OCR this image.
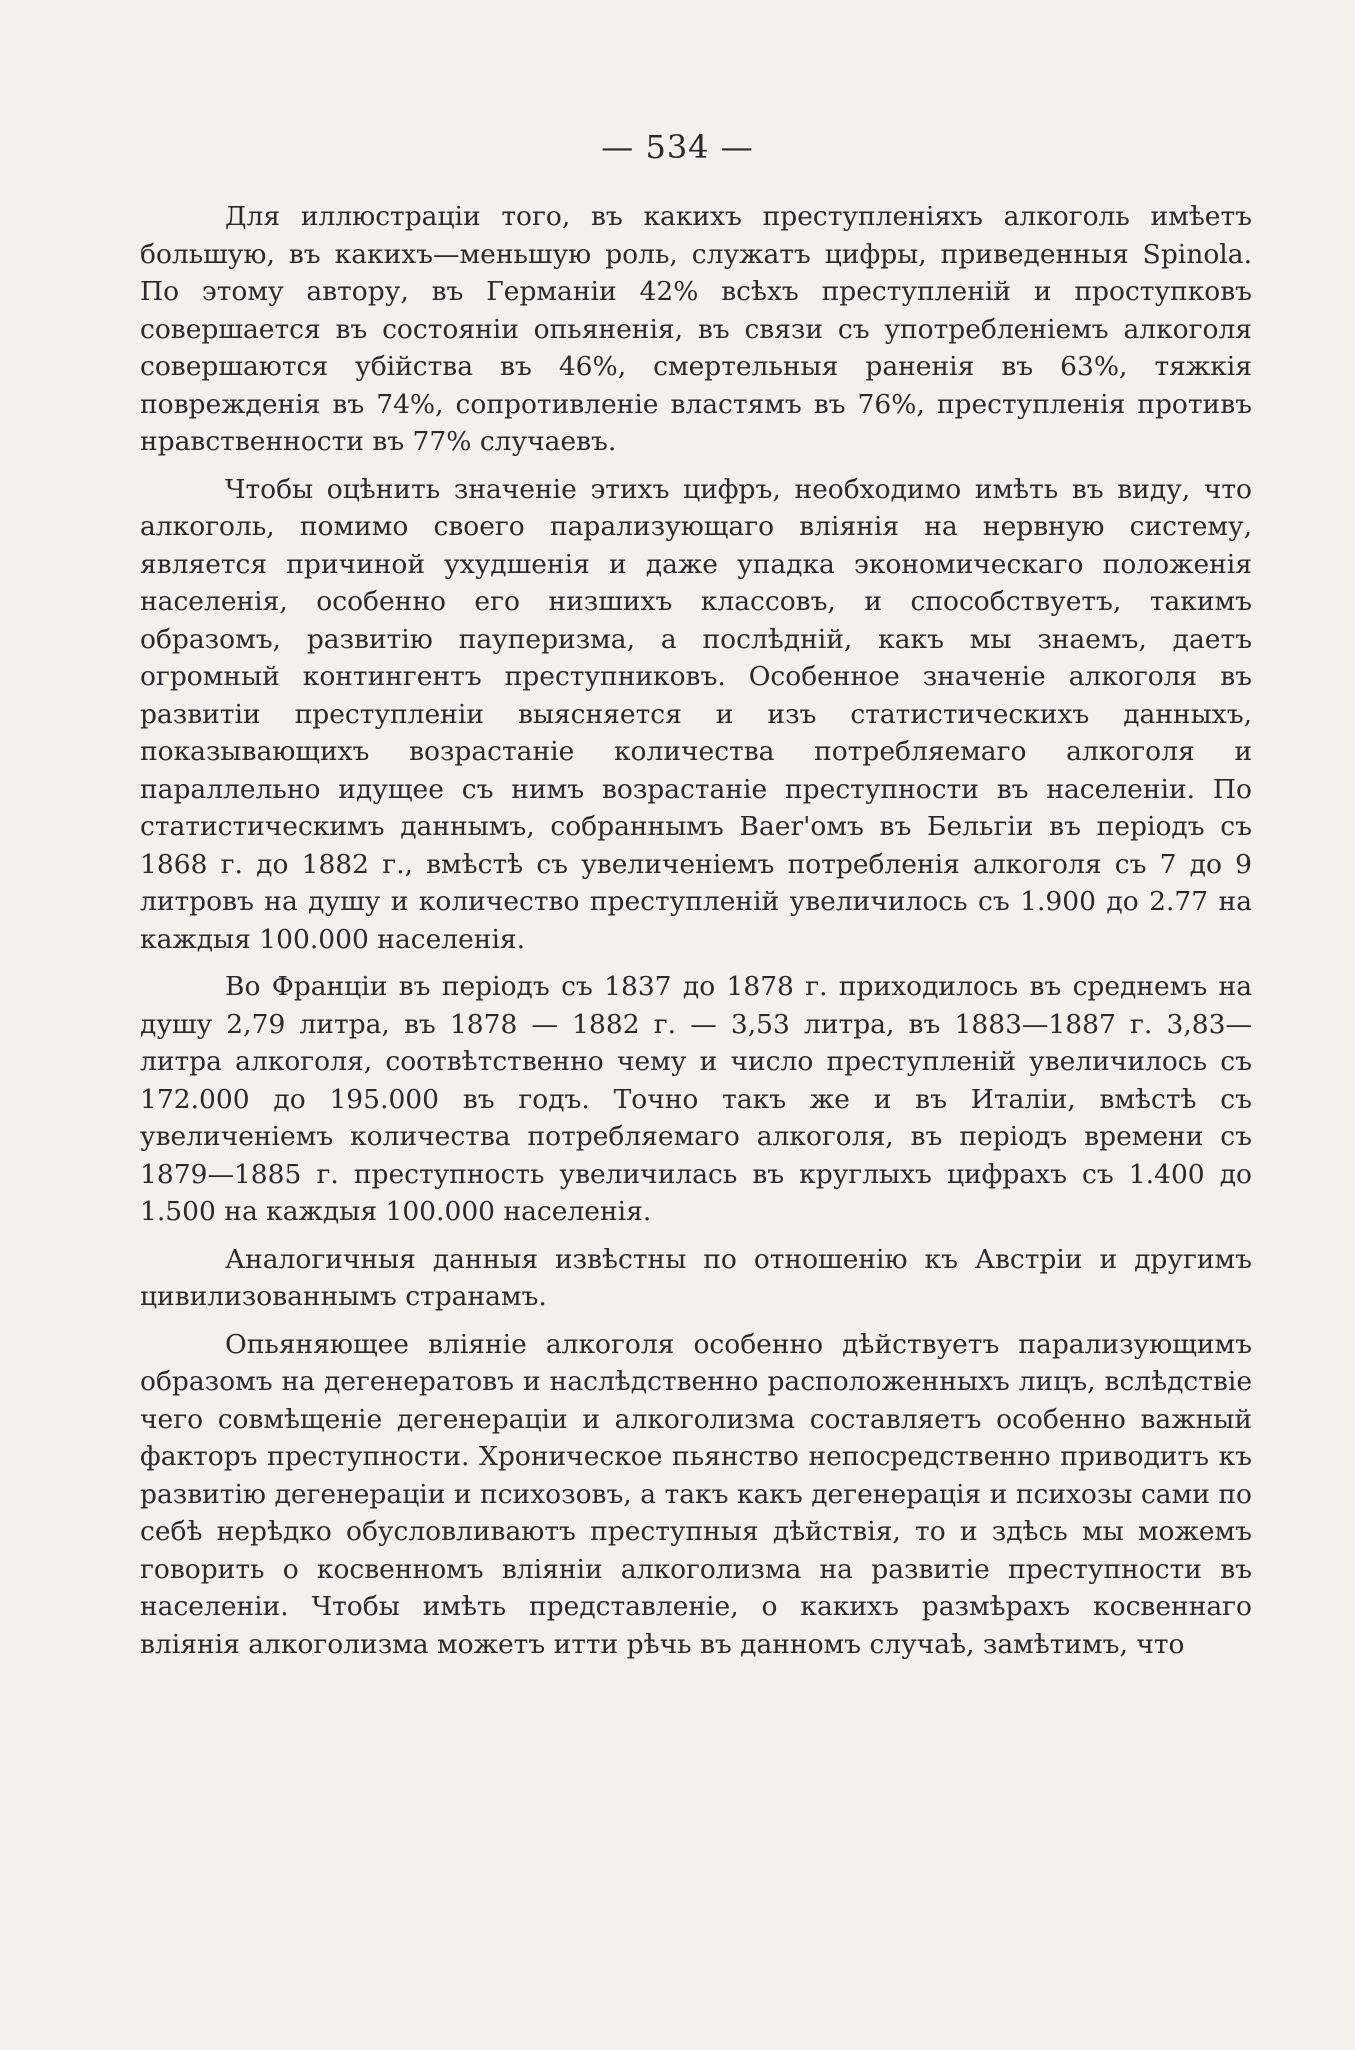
— 534 —

Для иллюстраціи того, въ какихъ преступленіяхъ алкоголь имѣетъ большую, въ какихъ—меньшую роль, служатъ цифры, приведенныя Spinola. По этому автору, въ Германіи 42% всѣхъ преступленій и проступковъ совершается въ состояніи опьяненія, въ связи съ употребленіемъ алкоголя совершаются убійства въ 46%, смертельныя раненія въ 63%, тяжкія поврежденія въ 74%, сопротивленіе властямъ въ 76%, преступленія противъ нравственности въ 77% случаевъ.

Чтобы оцѣнить значеніе этихъ цифръ, необходимо имѣть въ виду, что алкоголь, помимо своего парализующаго вліянія на нервную систему, является причиной ухудшенія и даже упадка экономическаго положенія населенія, особенно его низшихъ классовъ, и способствуетъ, такимъ образомъ, развитію пауперизма, а послѣдній, какъ мы знаемъ, даетъ огромный контингентъ преступниковъ. Особенное значеніе алкоголя въ развитіи преступленіи выясняется и изъ статистическихъ данныхъ, показывающихъ возрастаніе количества потребляемаго алкоголя и параллельно идущее съ нимъ возрастаніе преступности въ населеніи. По статистическимъ даннымъ, собраннымъ Baer'омъ въ Бельгіи въ періодъ съ 1868 г. до 1882 г., вмѣстѣ съ увеличеніемъ потребленія алкоголя съ 7 до 9 литровъ на душу и количество преступленій увеличилось съ 1.900 до 2.77 на каждыя 100.000 населенія.

Во Франціи въ періодъ съ 1837 до 1878 г. приходилось въ среднемъ на душу 2,79 литра, въ 1878 — 1882 г. — 3,53 литра, въ 1883—1887 г. 3,83—литра алкоголя, соотвѣтственно чему и число преступленій увеличилось съ 172.000 до 195.000 въ годъ. Точно такъ же и въ Италіи, вмѣстѣ съ увеличеніемъ количества потребляемаго алкоголя, въ періодъ времени съ 1879—1885 г. преступность увеличилась въ круглыхъ цифрахъ съ 1.400 до 1.500 на каждыя 100.000 населенія.

Аналогичныя данныя извѣстны по отношенію къ Австріи и другимъ цивилизованнымъ странамъ.

Опьяняющее вліяніе алкоголя особенно дѣйствуетъ парализующимъ образомъ на дегенератовъ и наслѣдственно расположенныхъ лицъ, вслѣдствіе чего совмѣщеніе дегенераціи и алкоголизма составляетъ особенно важный факторъ преступности. Хроническое пьянство непосредственно приводитъ къ развитію дегенераціи и психозовъ, а такъ какъ дегенерація и психозы сами по себѣ нерѣдко обусловливаютъ преступныя дѣйствія, то и здѣсь мы можемъ говорить о косвенномъ вліяніи алкоголизма на развитіе преступности въ населеніи. Чтобы имѣть представленіе, о какихъ размѣрахъ косвеннаго вліянія алкоголизма можетъ итти рѣчь въ данномъ случаѣ, замѣтимъ, что
